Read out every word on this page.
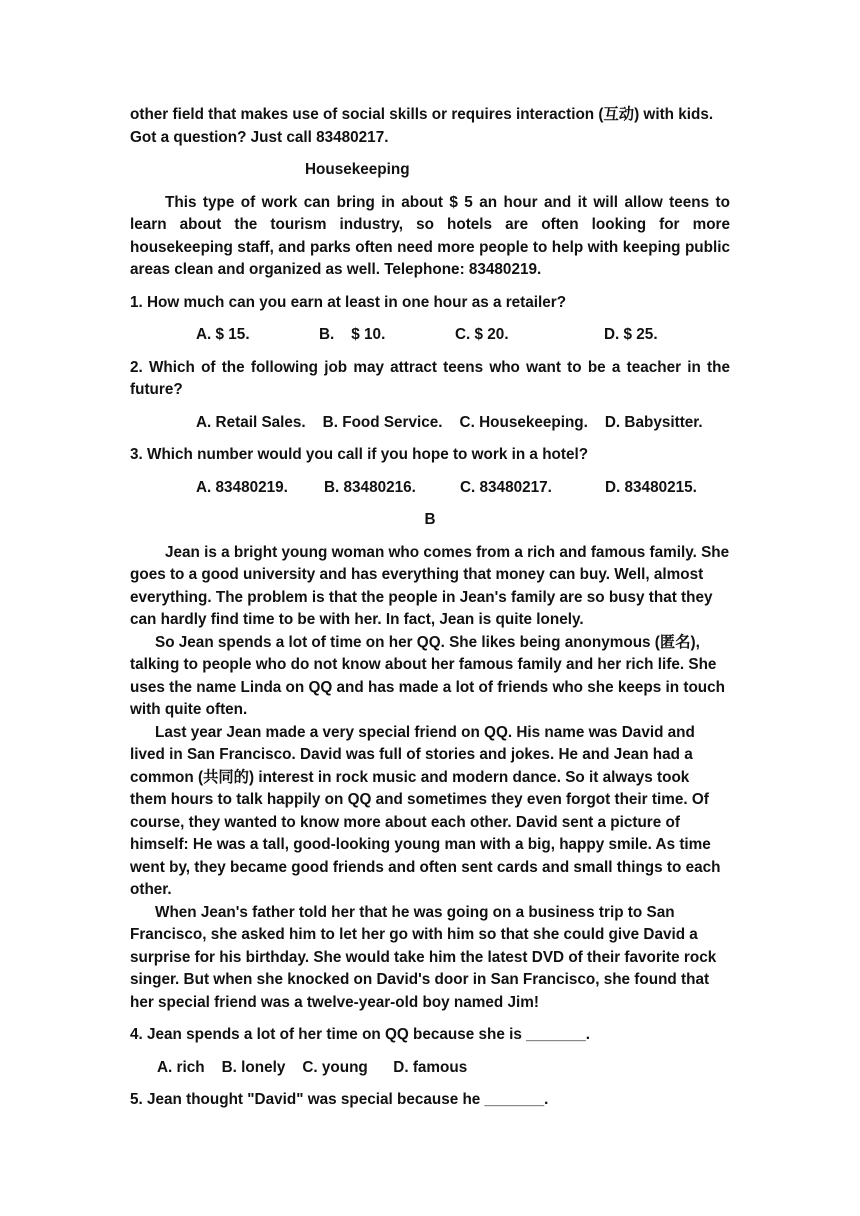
other field that makes use of social skills or requires interaction (互动) with kids.

Got a question? Just call 83480217.

Housekeeping

This type of work can bring in about $ 5 an hour and it will allow teens to learn about the tourism industry, so hotels are often looking for more housekeeping staff, and parks often need more people to help with keeping public areas clean and organized as well. Telephone: 83480219.

1. How much can you earn at least in one hour as a retailer?

A. $ 15.	B.    $ 10.	C. $ 20.	D. $ 25.

2. Which of the following job may attract teens who want to be a teacher in the future?

A. Retail Sales.    B. Food Service.    C. Housekeeping.    D. Babysitter.

3. Which number would you call if you hope to work in a hotel?

A. 83480219. B. 83480216.	C. 83480217.	D. 83480215.

B

Jean is a bright young woman who comes from a rich and famous family. She goes to a good university and has everything that money can buy. Well, almost everything. The problem is that the people in Jean's family are so busy that they can hardly find time to be with her. In fact, Jean is quite lonely.

So Jean spends a lot of time on her QQ. She likes being anonymous (匿名), talking to people who do not know about her famous family and her rich life. She uses the name Linda on QQ and has made a lot of friends who she keeps in touch with quite often.

Last year Jean made a very special friend on QQ. His name was David and lived in San Francisco. David was full of stories and jokes. He and Jean had a common (共同的) interest in rock music and modern dance. So it always took them hours to talk happily on QQ and sometimes they even forgot their time. Of course, they wanted to know more about each other. David sent a picture of himself: He was a tall, good-looking young man with a big, happy smile. As time went by, they became good friends and often sent cards and small things to each other.

When Jean's father told her that he was going on a business trip to San Francisco, she asked him to let her go with him so that she could give David a surprise for his birthday. She would take him the latest DVD of their favorite rock singer. But when she knocked on David's door in San Francisco, she found that her special friend was a twelve-year-old boy named Jim!

4. Jean spends a lot of her time on QQ because she is _______.

A. rich    B. lonely    C. young      D. famous

5. Jean thought "David" was special because he _______.
